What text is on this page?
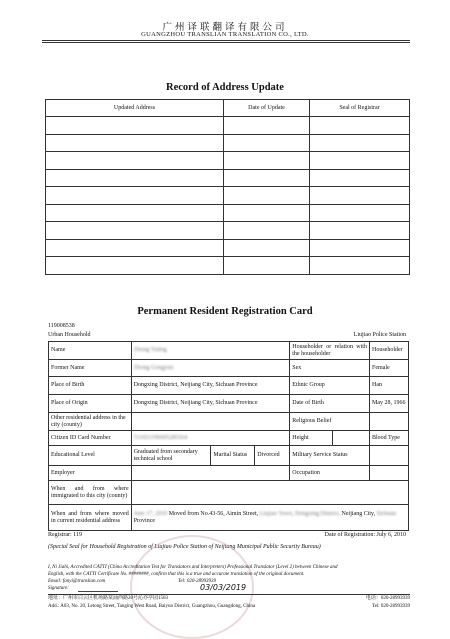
广州译联翻译有限公司
GUANGZHOU TRANSLIAN TRANSLATION CO., LTD.
Record of Address Update
Updated Address	Date of Update	Seal of Registrar

Permanent Resident Registration Card
119008538
Urban Household	Liujiao Police Station
Name	Zhong Yuling			Householder or relation with the householder		Householder
Former Name	Zhong Gongyun			Sex		Female
Place of Birth	Dongxing District, Neijiang City, Sichuan Province			Ethnic Group		Han
Place of Origin	Dongxing District, Neijiang City, Sichuan Province			Date of Birth		May 28, 1966
Other residential address in the city (county)				Religious Belief		
Citizen ID Card Number	511021196605285564			Height		Blood Type
Educational Level	Graduated from secondary technical school	Marital Status	Divorced	Military Service Status		
Employer				Occupation		
When and from where immigrated to this city (county)						
When and from where moved in current residential address	June 17, 2010 Moved from No.43-56, Aimin Street, Liujiao Town, Dongxing District, Neijiang City, Sichuan Province					
Registrar: 119	Date of Registration: July 6, 2010
(Special Seal for Household Registration of Liujiao Police Station of Neijiang Municipal Public Security Bureau)
I, Ni Jiahi, Accredited CATTI (China Accreditation Test for Translators and Interpreters) Professional Translator (Level 2) between Chinese and
English, with the CATTI Certificate No. ########, confirm that this is a true and accurate translation of the original document.
Email: fanyi@translian.com	Tel: 020-28993939
Signature:	03/03/2019
地址：广州市白云区机场路棠涌西路20号沁亦亭园1503	电话：020-28993939
Add.: A03, No. 20, Letong Street, Tanging West Road, Baiyun District, Guangzhou, Guangdong, China	Tel: 020-28993939
